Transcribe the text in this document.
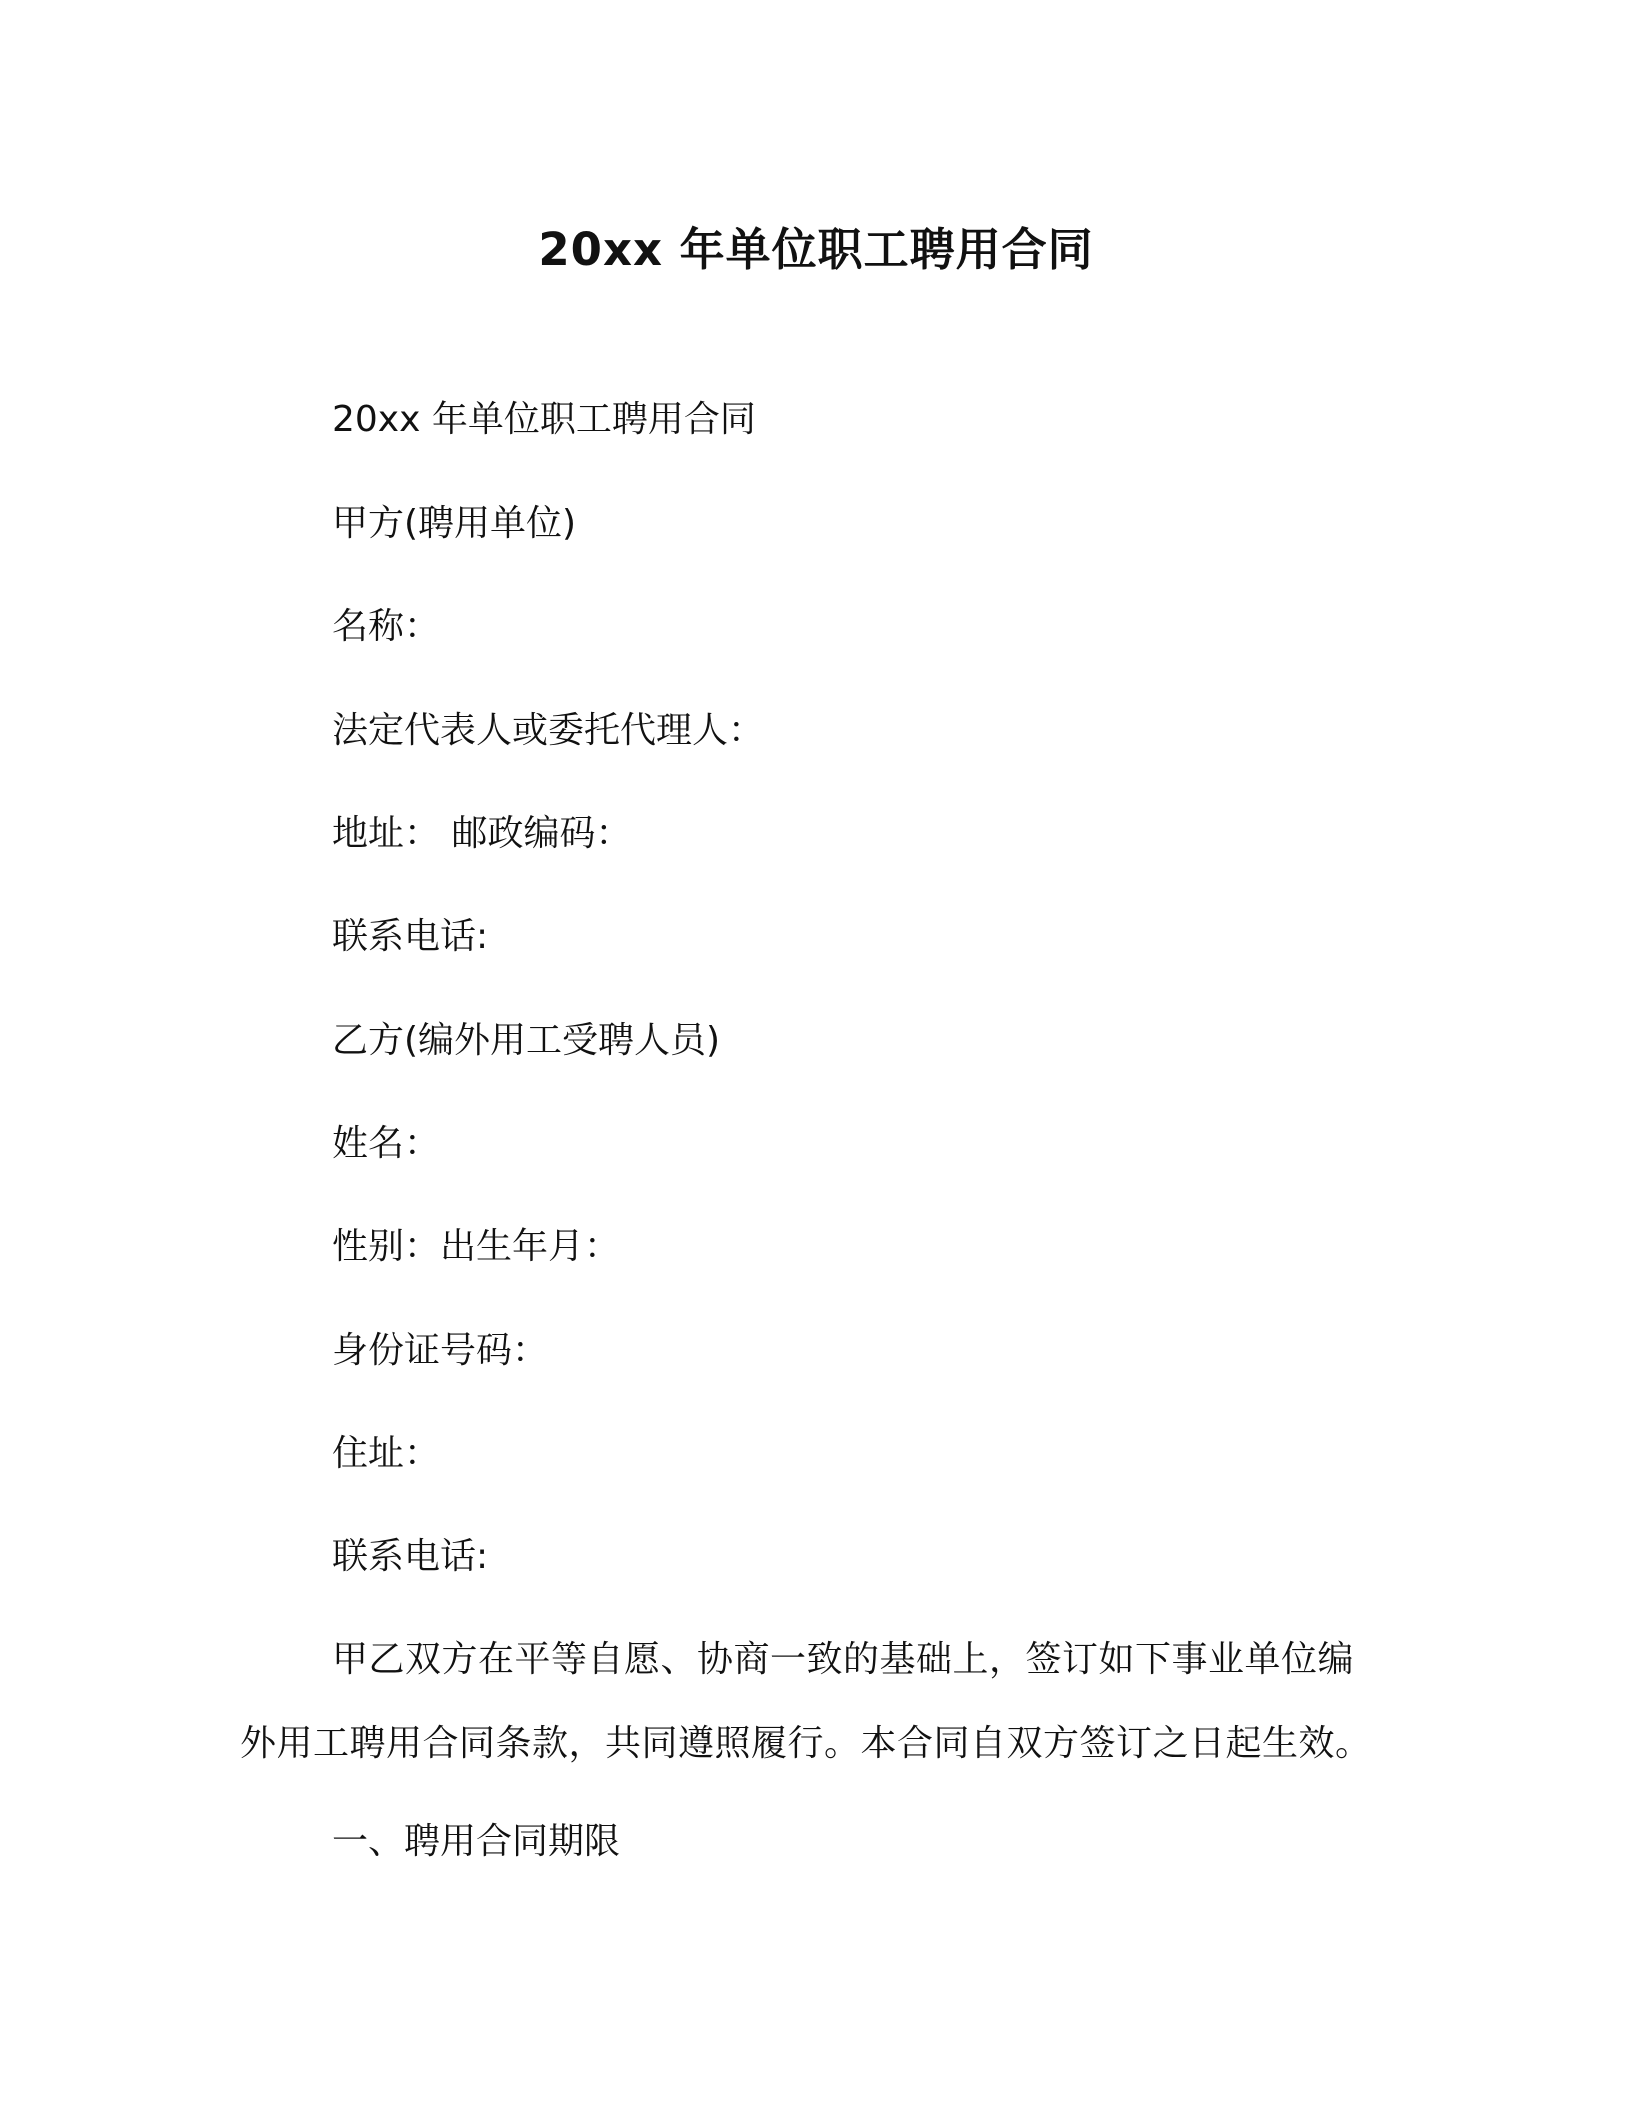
20xx 年单位职工聘用合同

20xx 年单位职工聘用合同

甲方(聘用单位)

名称：

法定代表人或委托代理人：

地址： 邮政编码：

联系电话:

乙方(编外用工受聘人员)

姓名：

性别：出生年月：

身份证号码：

住址：

联系电话:

甲乙双方在平等自愿、协商一致的基础上，签订如下事业单位编外用工聘用合同条款，共同遵照履行。本合同自双方签订之日起生效。

一、聘用合同期限
